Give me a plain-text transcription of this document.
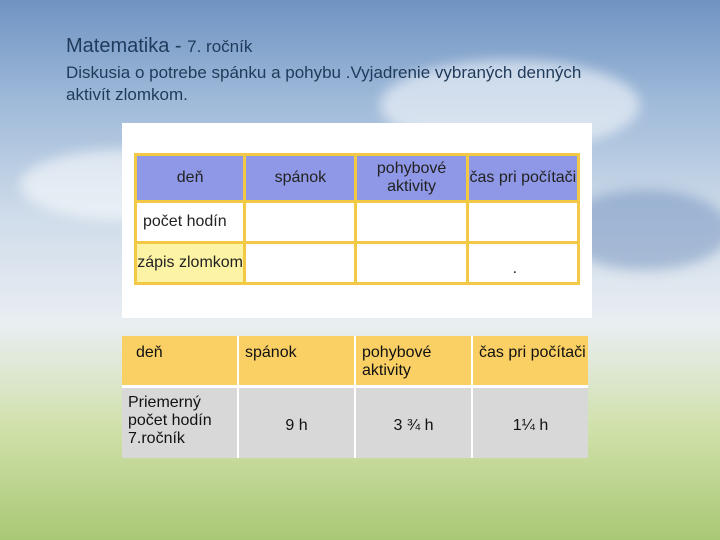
Matematika - 7. ročník
Diskusia o potrebe spánku a pohybu .Vyjadrenie vybraných denných aktivít zlomkom.
deň	spánok	pohybové aktivity	čas pri počítači
počet hodín			
zápis zlomkom			.
deň	spánok	pohybové aktivity	čas pri počítači
Priemerný počet hodín 7.ročník	9 h	3 ¾ h	1¼ h
